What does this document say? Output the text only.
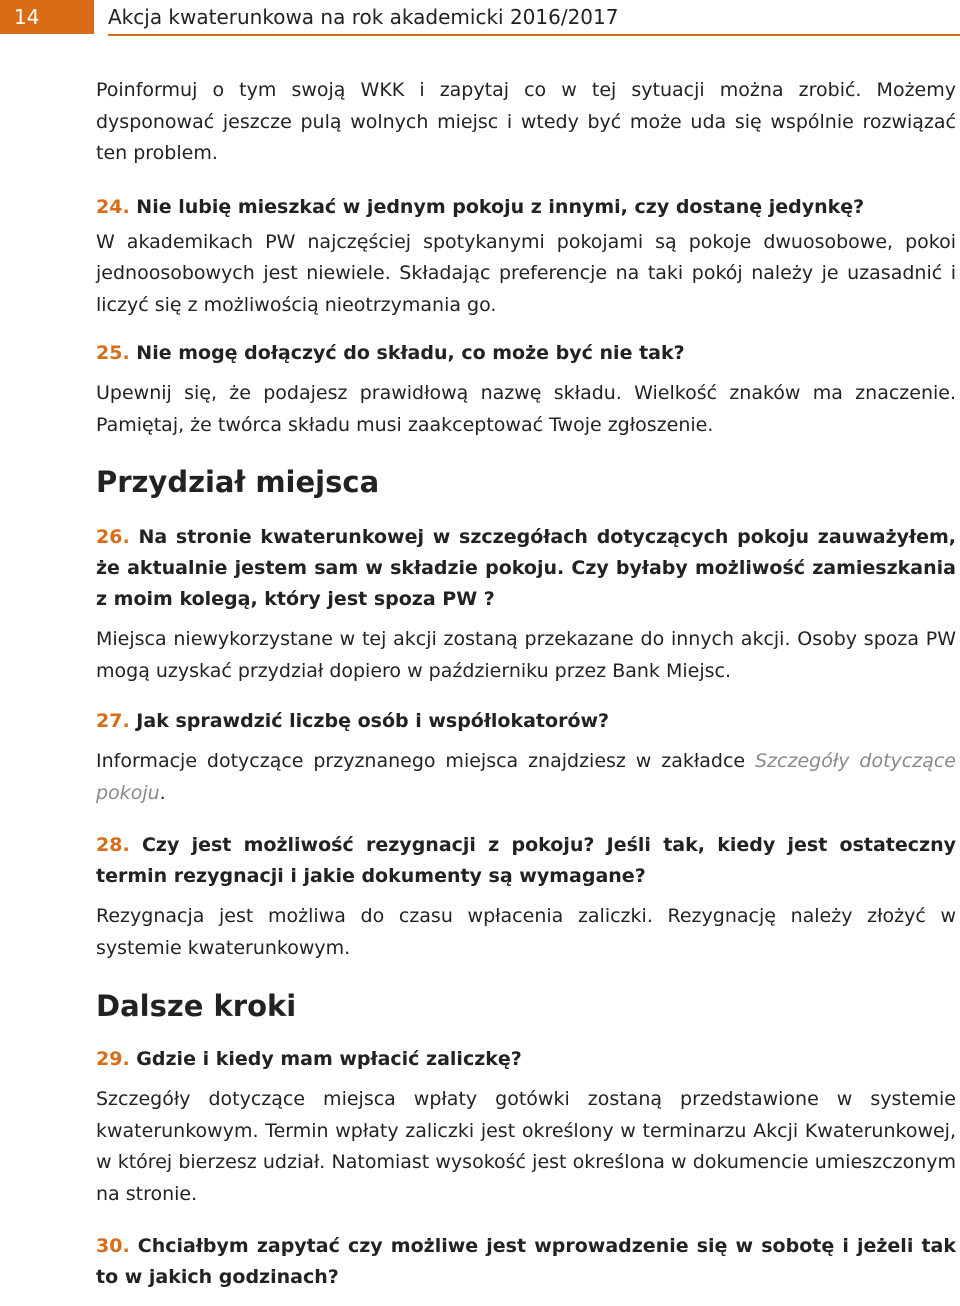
14	Akcja kwaterunkowa na rok akademicki 2016/2017

Poinformuj o tym swoją WKK i zapytaj co w tej sytuacji można zrobić. Możemy dysponować jeszcze pulą wolnych miejsc i wtedy być może uda się wspólnie rozwiązać ten problem.

24. Nie lubię mieszkać w jednym pokoju z innymi, czy dostanę jedynkę?

W akademikach PW najczęściej spotykanymi pokojami są pokoje dwuosobowe, pokoi jednoosobowych jest niewiele. Składając preferencje na taki pokój należy je uzasadnić i liczyć się z możliwością nieotrzymania go.

25. Nie mogę dołączyć do składu, co może być nie tak?

Upewnij się, że podajesz prawidłową nazwę składu. Wielkość znaków ma znaczenie. Pamiętaj, że twórca składu musi zaakceptować Twoje zgłoszenie.

Przydział miejsca

26. Na stronie kwaterunkowej w szczegółach dotyczących pokoju zauważyłem, że aktualnie jestem sam w składzie pokoju. Czy byłaby możliwość zamieszkania z moim kolegą, który jest spoza PW ?

Miejsca niewykorzystane w tej akcji zostaną przekazane do innych akcji. Osoby spoza PW mogą uzyskać przydział dopiero w październiku przez Bank Miejsc.

27. Jak sprawdzić liczbę osób i współlokatorów?

Informacje dotyczące przyznanego miejsca znajdziesz w zakładce Szczegóły dotyczące pokoju.

28. Czy jest możliwość rezygnacji z pokoju? Jeśli tak, kiedy jest ostateczny termin rezygnacji i jakie dokumenty są wymagane?

Rezygnacja jest możliwa do czasu wpłacenia zaliczki. Rezygnację należy złożyć w systemie kwaterunkowym.

Dalsze kroki

29. Gdzie i kiedy mam wpłacić zaliczkę?

Szczegóły dotyczące miejsca wpłaty gotówki zostaną przedstawione w systemie kwaterunkowym. Termin wpłaty zaliczki jest określony w terminarzu Akcji Kwaterunkowej, w której bierzesz udział. Natomiast wysokość jest określona w dokumencie umieszczonym na stronie.

30. Chciałbym zapytać czy możliwe jest wprowadzenie się w sobotę i jeżeli tak to w jakich godzinach?
